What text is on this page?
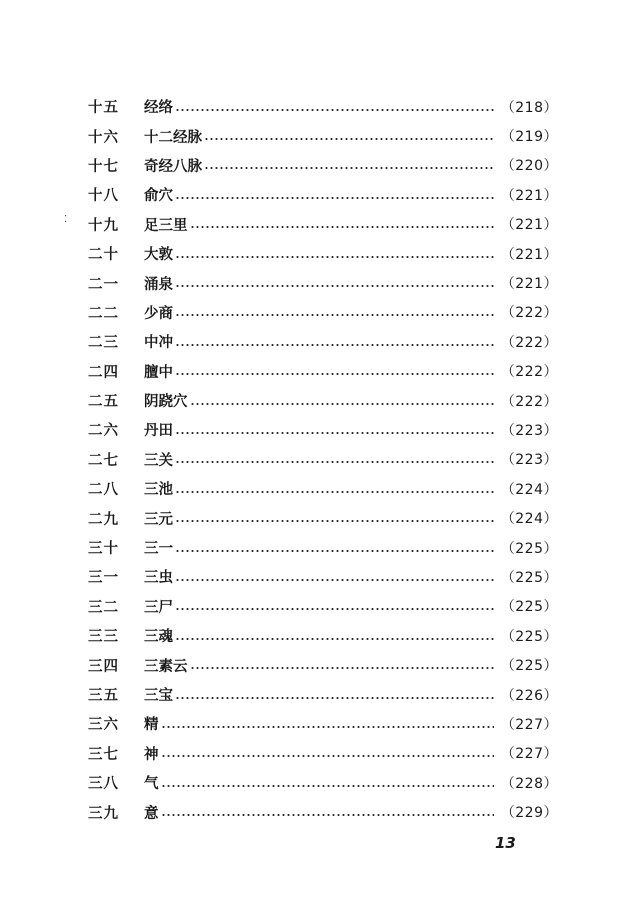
⁚
十五	经络	（218）
十六	十二经脉	（219）
十七	奇经八脉	（220）
十八	俞穴	（221）
十九	足三里	（221）
二十	大敦	（221）
二一	涌泉	（221）
二二	少商	（222）
二三	中冲	（222）
二四	膻中	（222）
二五	阴跷穴	（222）
二六	丹田	（223）
二七	三关	（223）
二八	三池	（224）
二九	三元	（224）
三十	三一	（225）
三一	三虫	（225）
三二	三尸	（225）
三三	三魂	（225）
三四	三素云	（225）
三五	三宝	（226）
三六	精	（227）
三七	神	（227）
三八	气	（228）
三九	意	（229）
13
